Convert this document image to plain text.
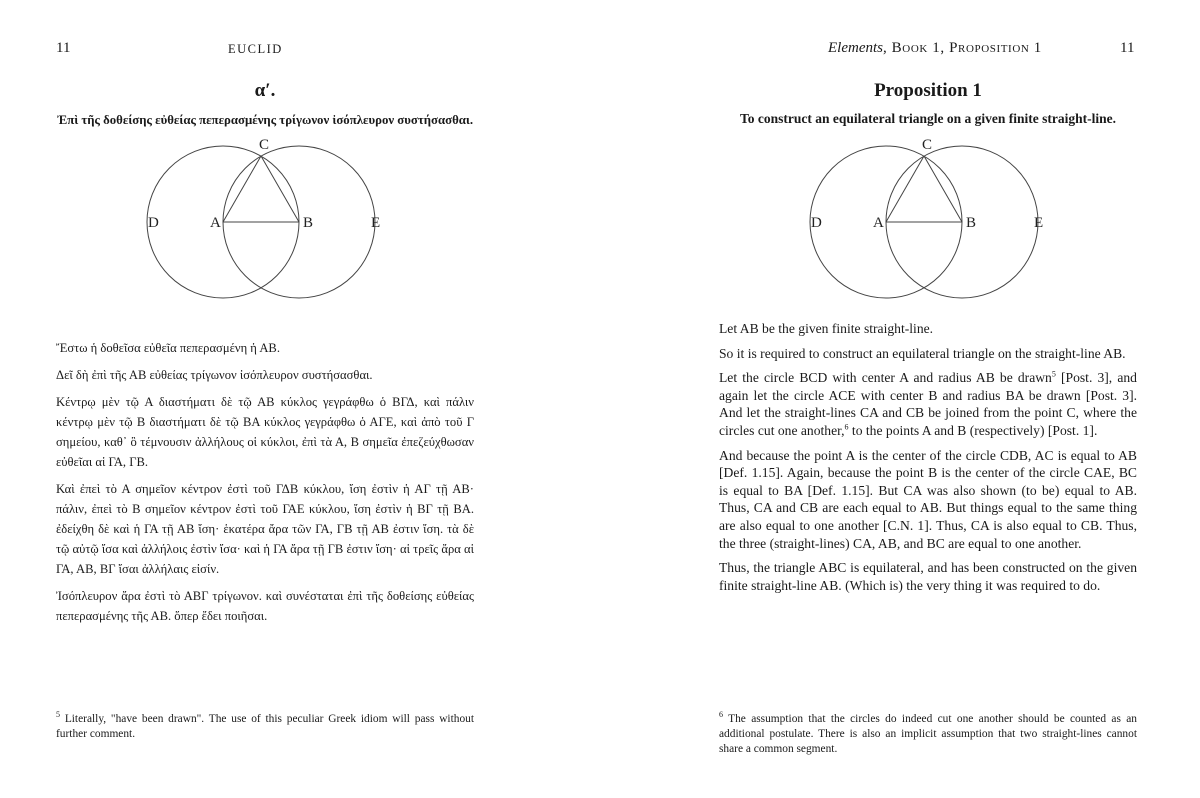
11	EUCLID
α′.
Ἐπὶ τῆς δοθείσης εὐθείας πεπερασμένης τρίγωνον ἰσόπλευρον συστήσασθαι.
C
D	A	B	E

Ἔστω ἡ δοθεῖσα εὐθεῖα πεπερασμένη ἡ ΑΒ.

Δεῖ δὴ ἐπὶ τῆς ΑΒ εὐθείας τρίγωνον ἰσόπλευρον συστήσασθαι.

Κέντρῳ μὲν τῷ Α διαστήματι δὲ τῷ ΑΒ κύκλος γεγράφθω ὁ ΒΓΔ, καὶ πάλιν κέντρῳ μὲν τῷ Β διαστήματι δὲ τῷ ΒΑ κύκλος γεγράφθω ὁ ΑΓΕ, καὶ ἀπὸ τοῦ Γ σημείου, καθ᾽ ὃ τέμνουσιν ἀλλήλους οἱ κύκλοι, ἐπὶ τὰ Α, Β σημεῖα ἐπεζεύχθωσαν εὐθεῖαι αἱ ΓΑ, ΓΒ.

Καὶ ἐπεὶ τὸ Α σημεῖον κέντρον ἐστὶ τοῦ ΓΔΒ κύκλου, ἴση ἐστὶν ἡ ΑΓ τῇ ΑΒ· πάλιν, ἐπεὶ τὸ Β σημεῖον κέντρον ἐστὶ τοῦ ΓΑΕ κύκλου, ἴση ἐστὶν ἡ ΒΓ τῇ ΒΑ. ἐδείχθη δὲ καὶ ἡ ΓΑ τῇ ΑΒ ἴση· ἑκατέρα ἄρα τῶν ΓΑ, ΓΒ τῇ ΑΒ ἐστιν ἴση. τὰ δὲ τῷ αὐτῷ ἴσα καὶ ἀλλήλοις ἐστὶν ἴσα· καὶ ἡ ΓΑ ἄρα τῇ ΓΒ ἐστιν ἴση· αἱ τρεῖς ἄρα αἱ ΓΑ, ΑΒ, ΒΓ ἴσαι ἀλλήλαις εἰσίν.

Ἰσόπλευρον ἄρα ἐστὶ τὸ ΑΒΓ τρίγωνον. καὶ συνέσταται ἐπὶ τῆς δοθείσης εὐθείας πεπερασμένης τῆς ΑΒ. ὅπερ ἔδει ποιῆσαι.

$^5$ Literally, "have been drawn". The use of this peculiar Greek idiom will pass without further comment.
Elements, Book 1, Proposition 1	11
Proposition 1
To construct an equilateral triangle on a given finite straight-line.
C
D	A	B	E

Let AB be the given finite straight-line.

So it is required to construct an equilateral triangle on the straight-line AB.

Let the circle BCD with center A and radius AB be drawn$^5$ [Post. 3], and again let the circle ACE with center B and radius BA be drawn [Post. 3]. And let the straight-lines CA and CB be joined from the point C, where the circles cut one another,$^6$ to the points A and B (respectively) [Post. 1].

And because the point A is the center of the circle CDB, AC is equal to AB [Def. 1.15]. Again, because the point B is the center of the circle CAE, BC is equal to BA [Def. 1.15]. But CA was also shown (to be) equal to AB. Thus, CA and CB are each equal to AB. But things equal to the same thing are also equal to one another [C.N. 1]. Thus, CA is also equal to CB. Thus, the three (straight-lines) CA, AB, and BC are equal to one another.

Thus, the triangle ABC is equilateral, and has been constructed on the given finite straight-line AB. (Which is) the very thing it was required to do.

$^6$ The assumption that the circles do indeed cut one another should be counted as an additional postulate. There is also an implicit assumption that two straight-lines cannot share a common segment.
